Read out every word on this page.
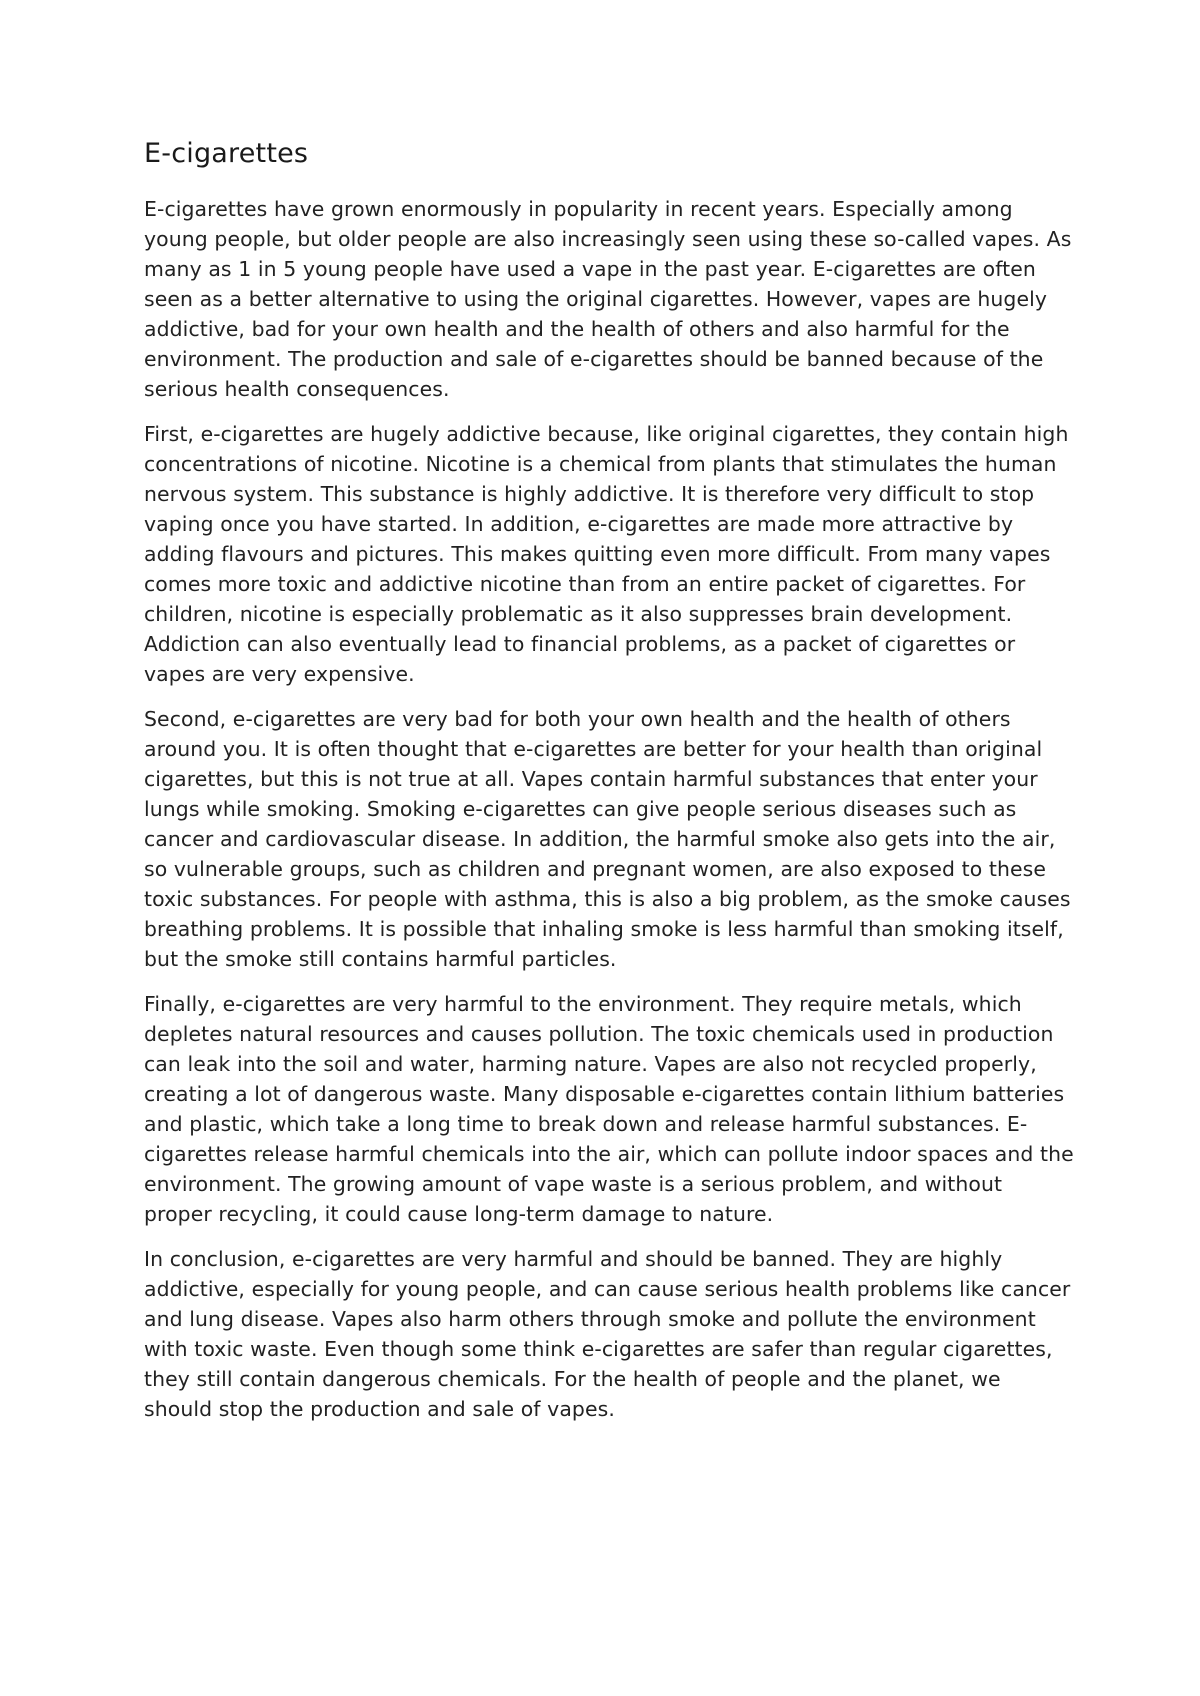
E-cigarettes

E-cigarettes have grown enormously in popularity in recent years. Especially among young people, but older people are also increasingly seen using these so-called vapes. As many as 1 in 5 young people have used a vape in the past year. E-cigarettes are often seen as a better alternative to using the original cigarettes. However, vapes are hugely addictive, bad for your own health and the health of others and also harmful for the environment. The production and sale of e-cigarettes should be banned because of the serious health consequences.

First, e-cigarettes are hugely addictive because, like original cigarettes, they contain high concentrations of nicotine. Nicotine is a chemical from plants that stimulates the human nervous system. This substance is highly addictive. It is therefore very difficult to stop vaping once you have started. In addition, e-cigarettes are made more attractive by adding flavours and pictures. This makes quitting even more difficult. From many vapes comes more toxic and addictive nicotine than from an entire packet of cigarettes. For children, nicotine is especially problematic as it also suppresses brain development. Addiction can also eventually lead to financial problems, as a packet of cigarettes or vapes are very expensive.

Second, e-cigarettes are very bad for both your own health and the health of others around you. It is often thought that e-cigarettes are better for your health than original cigarettes, but this is not true at all. Vapes contain harmful substances that enter your lungs while smoking. Smoking e-cigarettes can give people serious diseases such as cancer and cardiovascular disease. In addition, the harmful smoke also gets into the air, so vulnerable groups, such as children and pregnant women, are also exposed to these toxic substances. For people with asthma, this is also a big problem, as the smoke causes breathing problems. It is possible that inhaling smoke is less harmful than smoking itself, but the smoke still contains harmful particles.

Finally, e-cigarettes are very harmful to the environment. They require metals, which depletes natural resources and causes pollution. The toxic chemicals used in production can leak into the soil and water, harming nature. Vapes are also not recycled properly, creating a lot of dangerous waste. Many disposable e-cigarettes contain lithium batteries and plastic, which take a long time to break down and release harmful substances. E-cigarettes release harmful chemicals into the air, which can pollute indoor spaces and the environment. The growing amount of vape waste is a serious problem, and without proper recycling, it could cause long-term damage to nature.

In conclusion, e-cigarettes are very harmful and should be banned. They are highly addictive, especially for young people, and can cause serious health problems like cancer and lung disease. Vapes also harm others through smoke and pollute the environment with toxic waste. Even though some think e-cigarettes are safer than regular cigarettes, they still contain dangerous chemicals. For the health of people and the planet, we should stop the production and sale of vapes.
